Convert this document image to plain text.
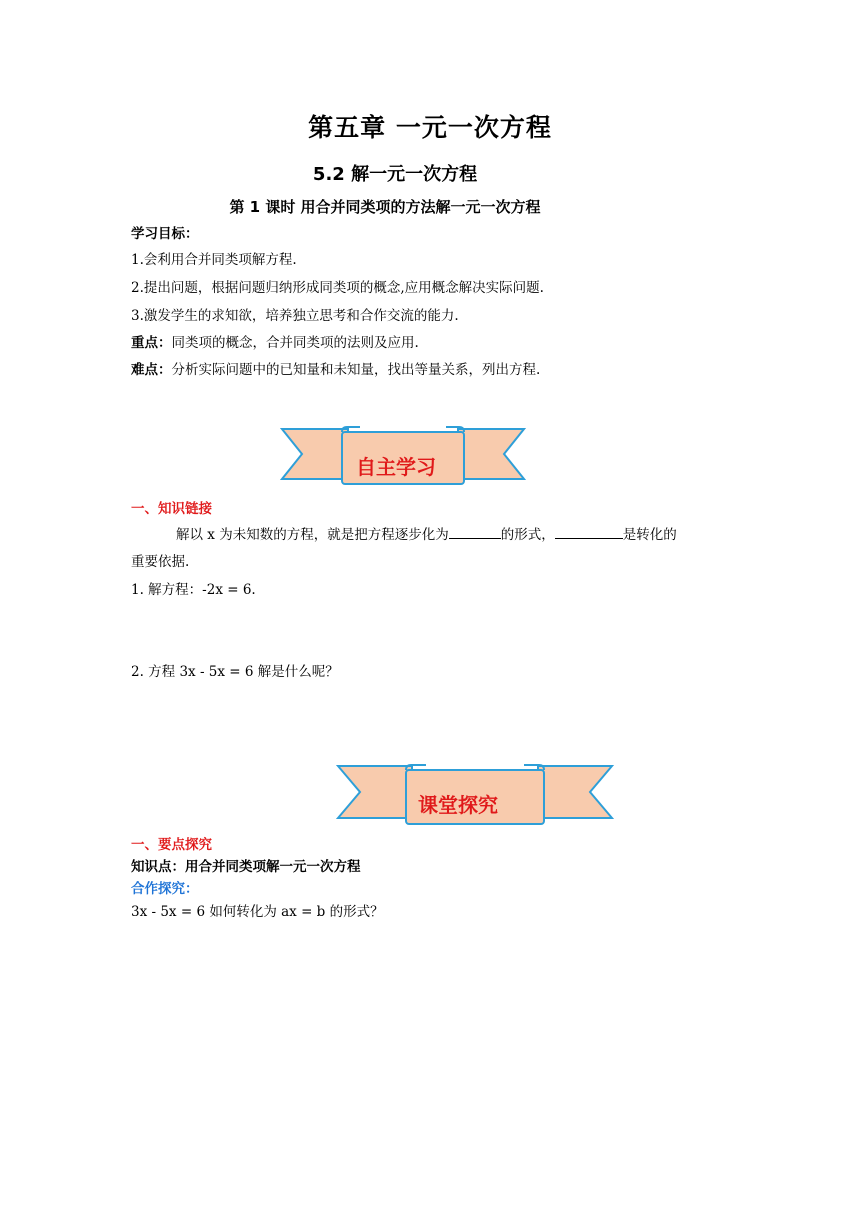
第五章 一元一次方程
5.2 解一元一次方程
第 1 课时 用合并同类项的方法解一元一次方程
学习目标：
1.会利用合并同类项解方程.
2.提出问题，根据问题归纳形成同类项的概念,应用概念解决实际问题.
3.激发学生的求知欲，培养独立思考和合作交流的能力.
重点：同类项的概念，合并同类项的法则及应用.
难点：分析实际问题中的已知量和未知量，找出等量关系，列出方程.
自主学习
一、知识链接
解以 x 为未知数的方程，就是把方程逐步化为	的形式，	是转化的
重要依据.
1. 解方程：-2x = 6.
2. 方程 3x - 5x = 6 解是什么呢？
课堂探究
一、要点探究
知识点：用合并同类项解一元一次方程
合作探究：
3x - 5x = 6 如何转化为 ax = b 的形式？
